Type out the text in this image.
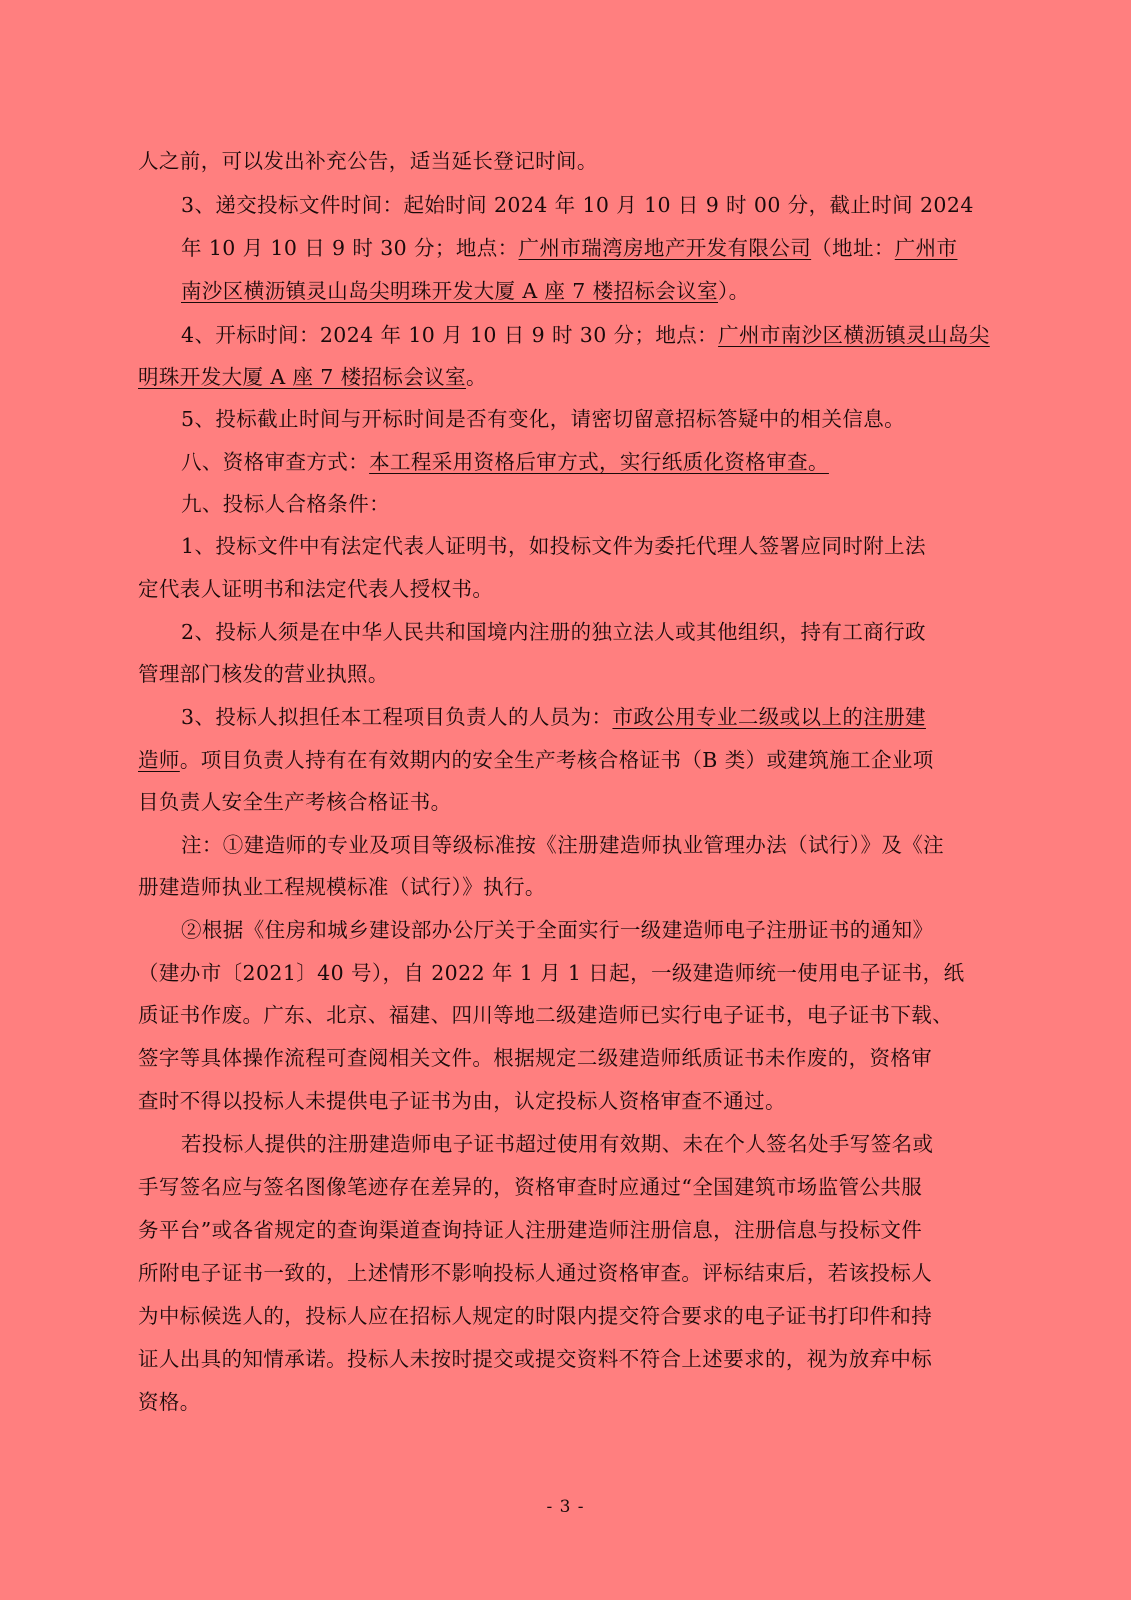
人之前，可以发出补充公告，适当延长登记时间。
3、递交投标文件时间：起始时间 2024 年 10 月 10 日 9 时 00 分，截止时间 2024
年 10 月 10 日 9 时 30 分；地点：广州市瑞湾房地产开发有限公司（地址：广州市
南沙区横沥镇灵山岛尖明珠开发大厦 A 座 7 楼招标会议室）。
4、开标时间：2024 年 10 月 10 日 9 时 30 分；地点：广州市南沙区横沥镇灵山岛尖
明珠开发大厦 A 座 7 楼招标会议室。
5、投标截止时间与开标时间是否有变化，请密切留意招标答疑中的相关信息。
八、资格审查方式：本工程采用资格后审方式，实行纸质化资格审查。
九、投标人合格条件：
1、投标文件中有法定代表人证明书，如投标文件为委托代理人签署应同时附上法
定代表人证明书和法定代表人授权书。
2、投标人须是在中华人民共和国境内注册的独立法人或其他组织，持有工商行政
管理部门核发的营业执照。
3、投标人拟担任本工程项目负责人的人员为：市政公用专业二级或以上的注册建
造师。项目负责人持有在有效期内的安全生产考核合格证书（B 类）或建筑施工企业项
目负责人安全生产考核合格证书。
注：①建造师的专业及项目等级标准按《注册建造师执业管理办法（试行）》及《注
册建造师执业工程规模标准（试行）》执行。
②根据《住房和城乡建设部办公厅关于全面实行一级建造师电子注册证书的通知》
（建办市〔2021〕40 号），自 2022 年 1 月 1 日起，一级建造师统一使用电子证书，纸
质证书作废。广东、北京、福建、四川等地二级建造师已实行电子证书，电子证书下载、
签字等具体操作流程可查阅相关文件。根据规定二级建造师纸质证书未作废的，资格审
查时不得以投标人未提供电子证书为由，认定投标人资格审查不通过。
若投标人提供的注册建造师电子证书超过使用有效期、未在个人签名处手写签名或
手写签名应与签名图像笔迹存在差异的，资格审查时应通过“全国建筑市场监管公共服
务平台”或各省规定的查询渠道查询持证人注册建造师注册信息，注册信息与投标文件
所附电子证书一致的，上述情形不影响投标人通过资格审查。评标结束后，若该投标人
为中标候选人的，投标人应在招标人规定的时限内提交符合要求的电子证书打印件和持
证人出具的知情承诺。投标人未按时提交或提交资料不符合上述要求的，视为放弃中标
资格。
- 3 -
